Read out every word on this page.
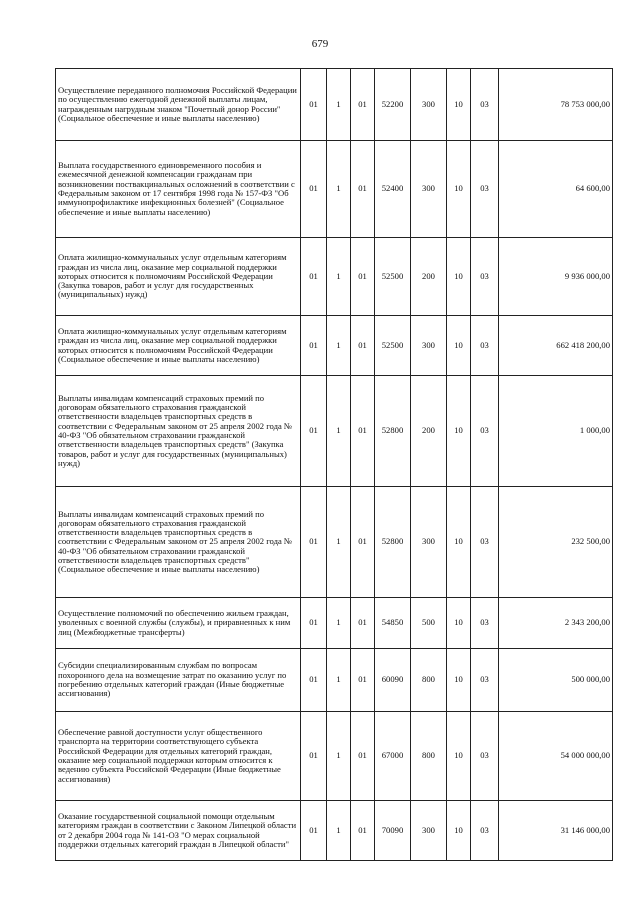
679
Осуществление переданного полномочия Российской Федерации по осуществлению ежегодной денежной выплаты лицам, награжденным нагрудным знаком "Почетный донор России" (Социальное обеспечение и иные выплаты населению)	01	1	01	52200	300	10	03	78 753 000,00
Выплата государственного единовременного пособия и ежемесячной денежной компенсации гражданам при возникновении поствакцинальных осложнений в соответствии с Федеральным законом от 17 сентября 1998 года № 157-ФЗ "Об иммунопрофилактике инфекционных болезней" (Социальное обеспечение и иные выплаты населению)	01	1	01	52400	300	10	03	64 600,00
Оплата жилищно-коммунальных услуг отдельным категориям граждан из числа лиц, оказание мер социальной поддержки которых относится к полномочиям Российской Федерации (Закупка товаров, работ и услуг для государственных (муниципальных) нужд)	01	1	01	52500	200	10	03	9 936 000,00
Оплата жилищно-коммунальных услуг отдельным категориям граждан из числа лиц, оказание мер социальной поддержки которых относится к полномочиям Российской Федерации (Социальное обеспечение и иные выплаты населению)	01	1	01	52500	300	10	03	662 418 200,00
Выплаты инвалидам компенсаций страховых премий по договорам обязательного страхования гражданской ответственности владельцев транспортных средств в соответствии с Федеральным законом от 25 апреля 2002 года № 40-ФЗ "Об обязательном страховании гражданской ответственности владельцев транспортных средств" (Закупка товаров, работ и услуг для государственных (муниципальных) нужд)	01	1	01	52800	200	10	03	1 000,00
Выплаты инвалидам компенсаций страховых премий по договорам обязательного страхования гражданской ответственности владельцев транспортных средств в соответствии с Федеральным законом от 25 апреля 2002 года № 40-ФЗ "Об обязательном страховании гражданской ответственности владельцев транспортных средств" (Социальное обеспечение и иные выплаты населению)	01	1	01	52800	300	10	03	232 500,00
Осуществление полномочий по обеспечению жильем граждан, уволенных с военной службы (службы), и приравненных к ним лиц (Межбюджетные трансферты)	01	1	01	54850	500	10	03	2 343 200,00
Субсидии специализированным службам по вопросам похоронного дела на возмещение затрат по оказанию услуг по погребению отдельных категорий граждан (Иные бюджетные ассигнования)	01	1	01	60090	800	10	03	500 000,00
Обеспечение равной доступности услуг общественного транспорта на территории соответствующего субъекта Российской Федерации для отдельных категорий граждан, оказание мер социальной поддержки которым относится к ведению субъекта Российской Федерации (Иные бюджетные ассигнования)	01	1	01	67000	800	10	03	54 000 000,00
Оказание государственной социальной помощи отдельным категориям граждан в соответствии с Законом Липецкой области от 2 декабря 2004 года № 141-ОЗ "О мерах социальной поддержки отдельных категорий граждан в Липецкой области"	01	1	01	70090	300	10	03	31 146 000,00
